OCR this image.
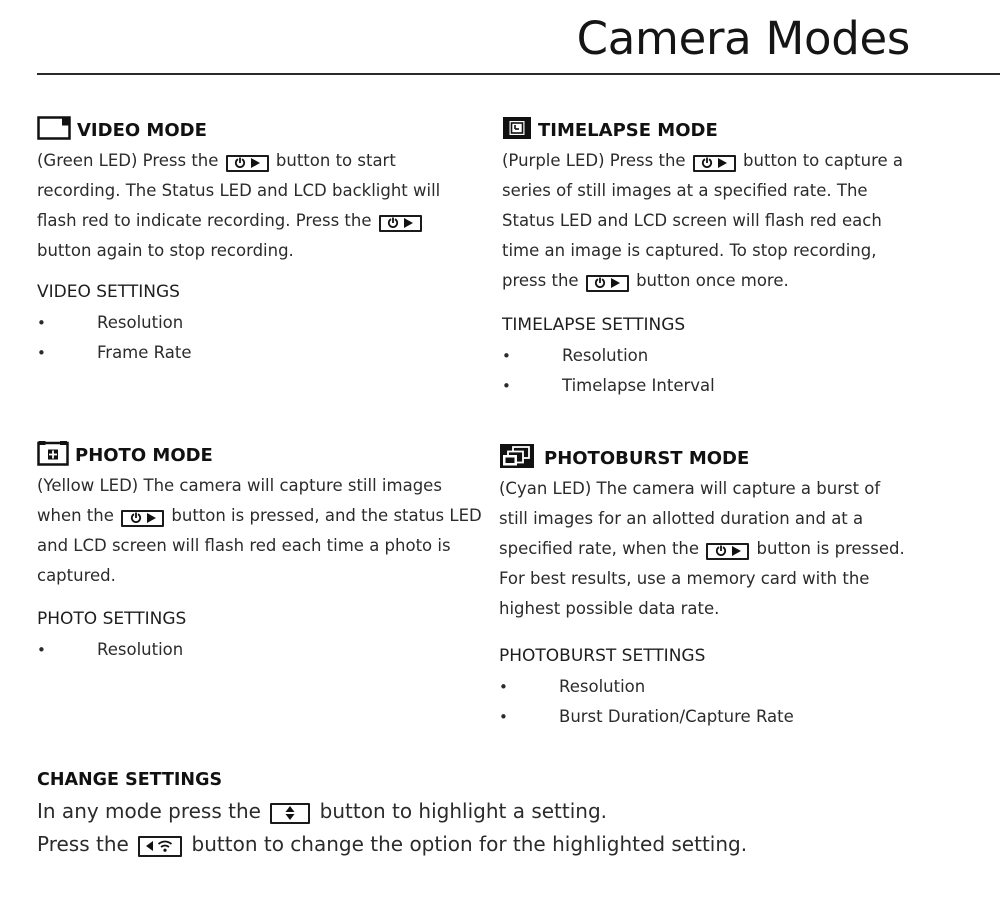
Camera Modes
VIDEO MODE

(Green LED) Press the	button to start recording. The Status LED and LCD backlight will flash red to indicate recording. Press the
button again to stop recording.

VIDEO SETTINGS
• Resolution
• Frame Rate
TIMELAPSE MODE

(Purple LED) Press the	button to capture a series of still images at a specified rate. The Status LED and LCD screen will flash red each time an image is captured. To stop recording, press the	button once more.

TIMELAPSE SETTINGS
• Resolution
• Timelapse Interval
PHOTO MODE

(Yellow LED) The camera will capture still images when the	button is pressed, and the status LED and LCD screen will flash red each time a photo is captured.

PHOTO SETTINGS
• Resolution
PHOTOBURST MODE

(Cyan LED) The camera will capture a burst of still images for an allotted duration and at a specified rate, when the	button is pressed. For best results, use a memory card with the highest possible data rate.

PHOTOBURST SETTINGS
• Resolution
• Burst Duration/Capture Rate

CHANGE SETTINGS

In any mode press the	button to highlight a setting.

Press the	button to change the option for the highlighted setting.
